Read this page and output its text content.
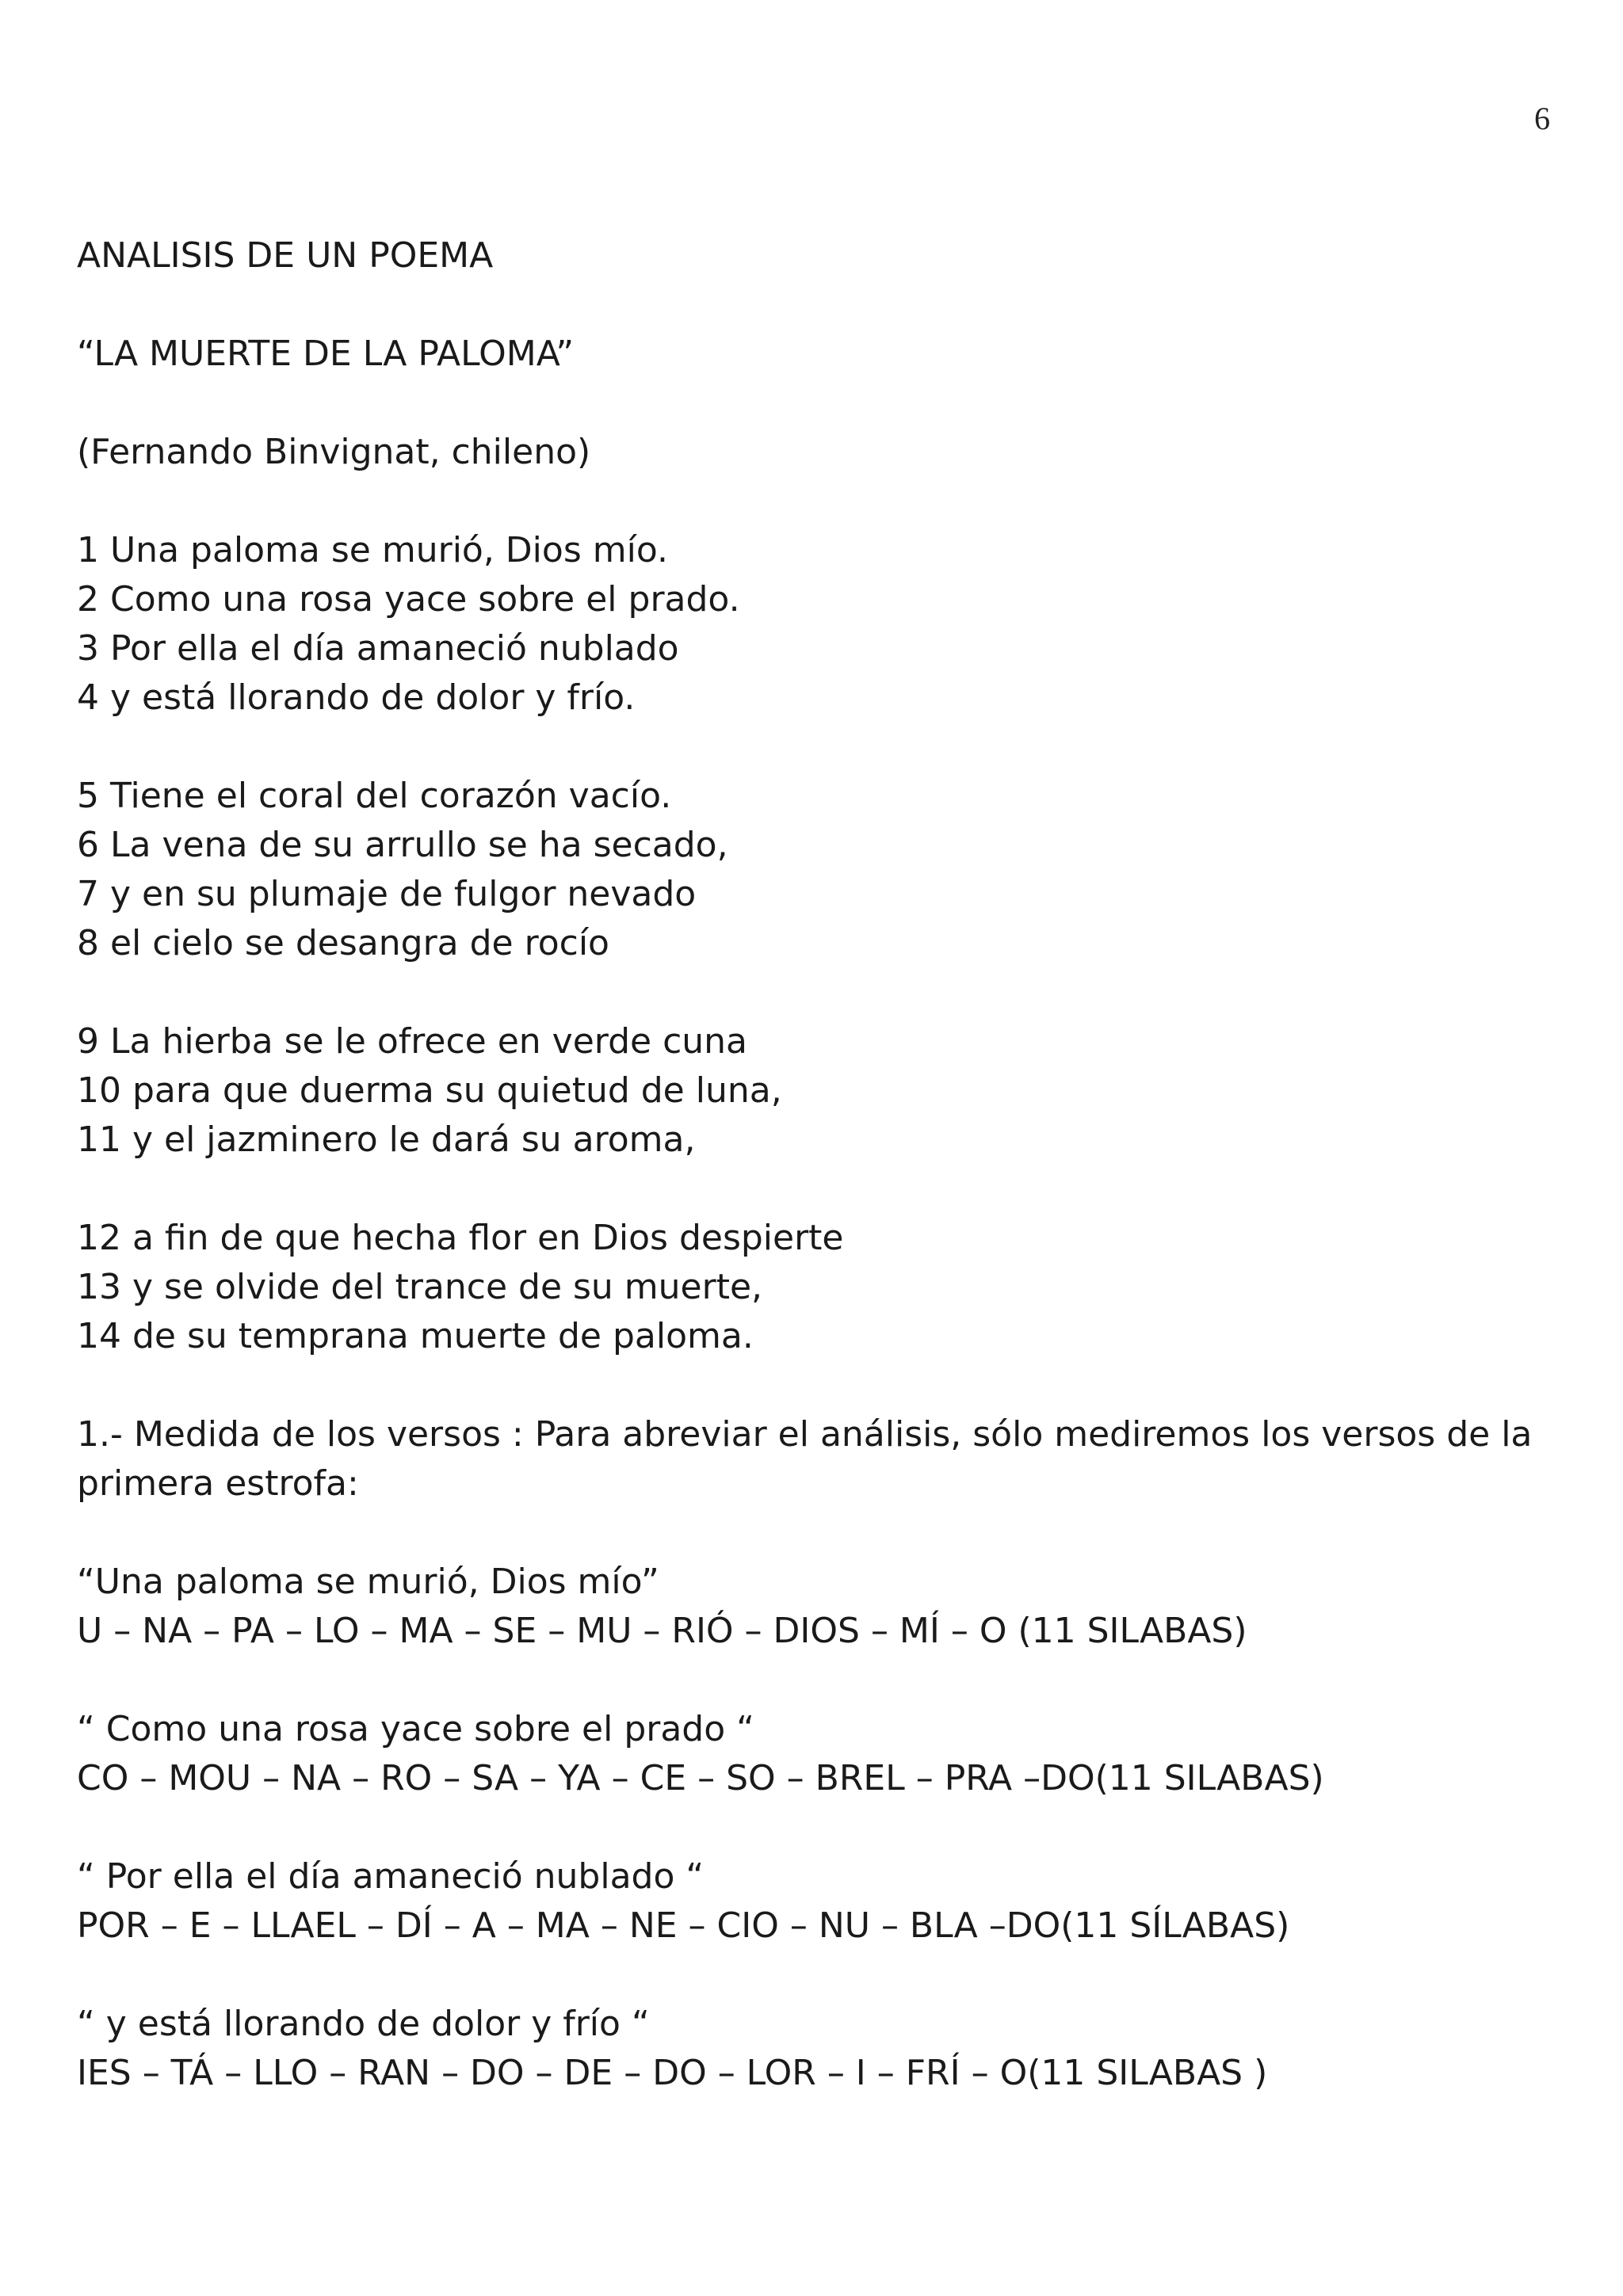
6
ANALISIS DE UN POEMA
“LA MUERTE DE LA PALOMA”
(Fernando Binvignat, chileno)
1 Una paloma se murió, Dios mío.
2 Como una rosa yace sobre el prado.
3 Por ella el día amaneció nublado
4 y está llorando de dolor y frío.
5 Tiene el coral del corazón vacío.
6 La vena de su arrullo se ha secado,
7 y en su plumaje de fulgor nevado
8 el cielo se desangra de rocío
9 La hierba se le ofrece en verde cuna
10 para que duerma su quietud de luna,
11 y el jazminero le dará su aroma,
12 a fin de que hecha flor en Dios despierte
13 y se olvide del trance de su muerte,
14 de su temprana muerte de paloma.
1.- Medida de los versos : Para abreviar el análisis, sólo mediremos los versos de la primera estrofa:
“Una paloma se murió, Dios mío”
U – NA – PA – LO – MA – SE – MU – RIÓ – DIOS – MÍ – O (11 SILABAS)
“ Como una rosa yace sobre el prado “
CO – MOU – NA – RO – SA – YA – CE – SO – BREL – PRA –DO(11 SILABAS)
“ Por ella el día amaneció nublado “
POR – E – LLAEL – DÍ – A – MA – NE – CIO – NU – BLA –DO(11 SÍLABAS)
“ y está llorando de dolor y frío “
IES – TÁ – LLO – RAN – DO – DE – DO – LOR – I – FRÍ – O(11 SILABAS )
